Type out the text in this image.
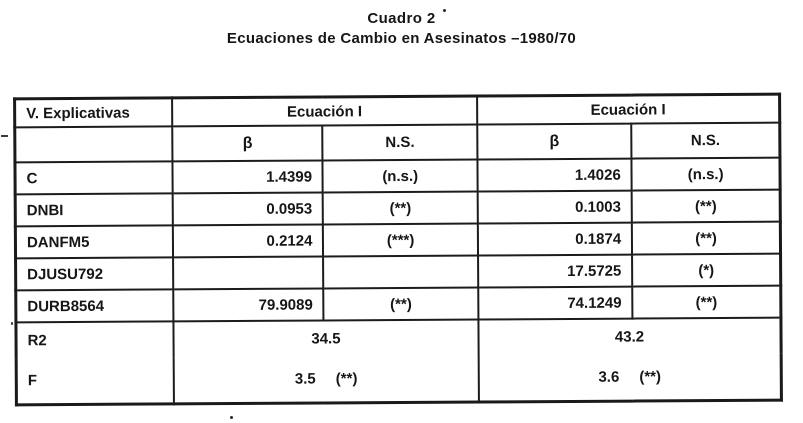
Cuadro 2
Ecuaciones de Cambio en Asesinatos –1980/70
V. Explicativas	Ecuación I		Ecuación I	
	β	N.S.	β	N.S.
C	1.4399	(n.s.)	1.4026	(n.s.)
DNBI	0.0953	(**)	0.1003	(**)
DANFM5	0.2124	(***)	0.1874	(**)
DJUSU792			17.5725	(*)
DURB8564	79.9089	(**)	74.1249	(**)
R2	34.5		43.2	
F	3.5 (**)		3.6 (**)	
